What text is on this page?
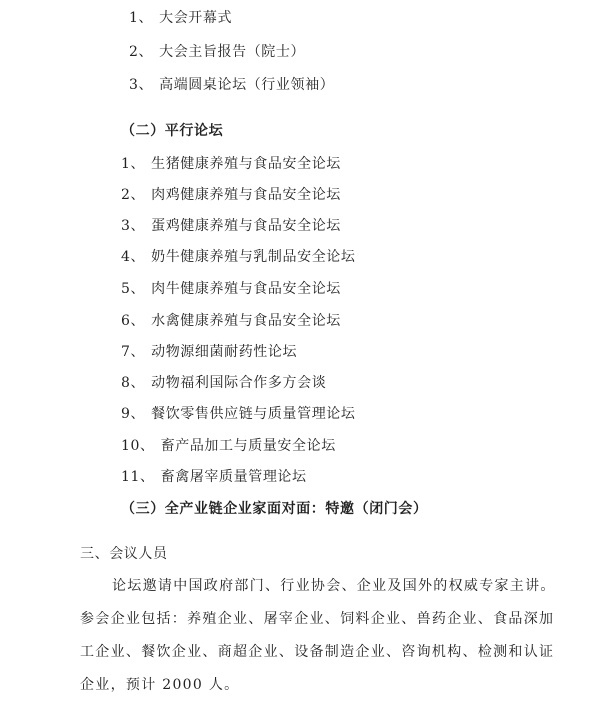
1、 大会开幕式
2、 大会主旨报告（院士）
3、 高端圆桌论坛（行业领袖）
（二）平行论坛
1、 生猪健康养殖与食品安全论坛
2、 肉鸡健康养殖与食品安全论坛
3、 蛋鸡健康养殖与食品安全论坛
4、 奶牛健康养殖与乳制品安全论坛
5、 肉牛健康养殖与食品安全论坛
6、 水禽健康养殖与食品安全论坛
7、 动物源细菌耐药性论坛
8、 动物福利国际合作多方会谈
9、 餐饮零售供应链与质量管理论坛
10、 畜产品加工与质量安全论坛
11、 畜禽屠宰质量管理论坛
（三）全产业链企业家面对面：特邀（闭门会）
三、会议人员
论坛邀请中国政府部门、行业协会、企业及国外的权威专家主讲。
参会企业包括：养殖企业、屠宰企业、饲料企业、兽药企业、食品深加
工企业、餐饮企业、商超企业、设备制造企业、咨询机构、检测和认证
企业，预计 2000 人。
